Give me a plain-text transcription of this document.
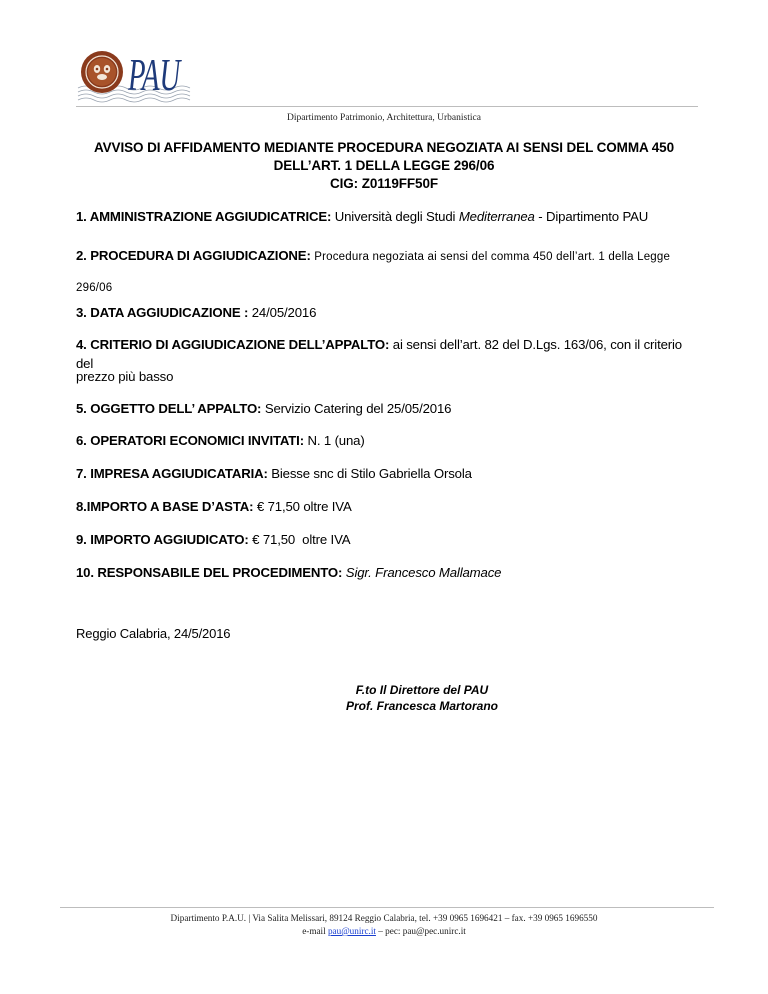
PAU
Dipartimento Patrimonio, Architettura, Urbanistica
AVVISO DI AFFIDAMENTO MEDIANTE PROCEDURA NEGOZIATA AI SENSI DEL COMMA 450
DELL’ART. 1 DELLA LEGGE 296/06
CIG: Z0119FF50F
1. AMMINISTRAZIONE AGGIUDICATRICE: Università degli Studi Mediterranea - Dipartimento PAU
2. PROCEDURA DI AGGIUDICAZIONE: Procedura negoziata ai sensi del comma 450 dell’art. 1 della Legge
296/06
3. DATA AGGIUDICAZIONE : 24/05/2016
4. CRITERIO DI AGGIUDICAZIONE DELL’APPALTO: ai sensi dell’art. 82 del D.Lgs. 163/06, con il criterio del
prezzo più basso
5. OGGETTO DELL’ APPALTO: Servizio Catering del 25/05/2016
6. OPERATORI ECONOMICI INVITATI: N. 1 (una)
7. IMPRESA AGGIUDICATARIA: Biesse snc di Stilo Gabriella Orsola
8.IMPORTO A BASE D’ASTA: € 71,50 oltre IVA
9. IMPORTO AGGIUDICATO: € 71,50  oltre IVA
10. RESPONSABILE DEL PROCEDIMENTO: Sigr. Francesco Mallamace
Reggio Calabria, 24/5/2016
F.to Il Direttore del PAU
Prof. Francesca Martorano
Dipartimento P.A.U. | Via Salita Melissari, 89124 Reggio Calabria, tel. +39 0965 1696421 – fax. +39 0965 1696550
e-mail pau@unirc.it – pec: pau@pec.unirc.it
